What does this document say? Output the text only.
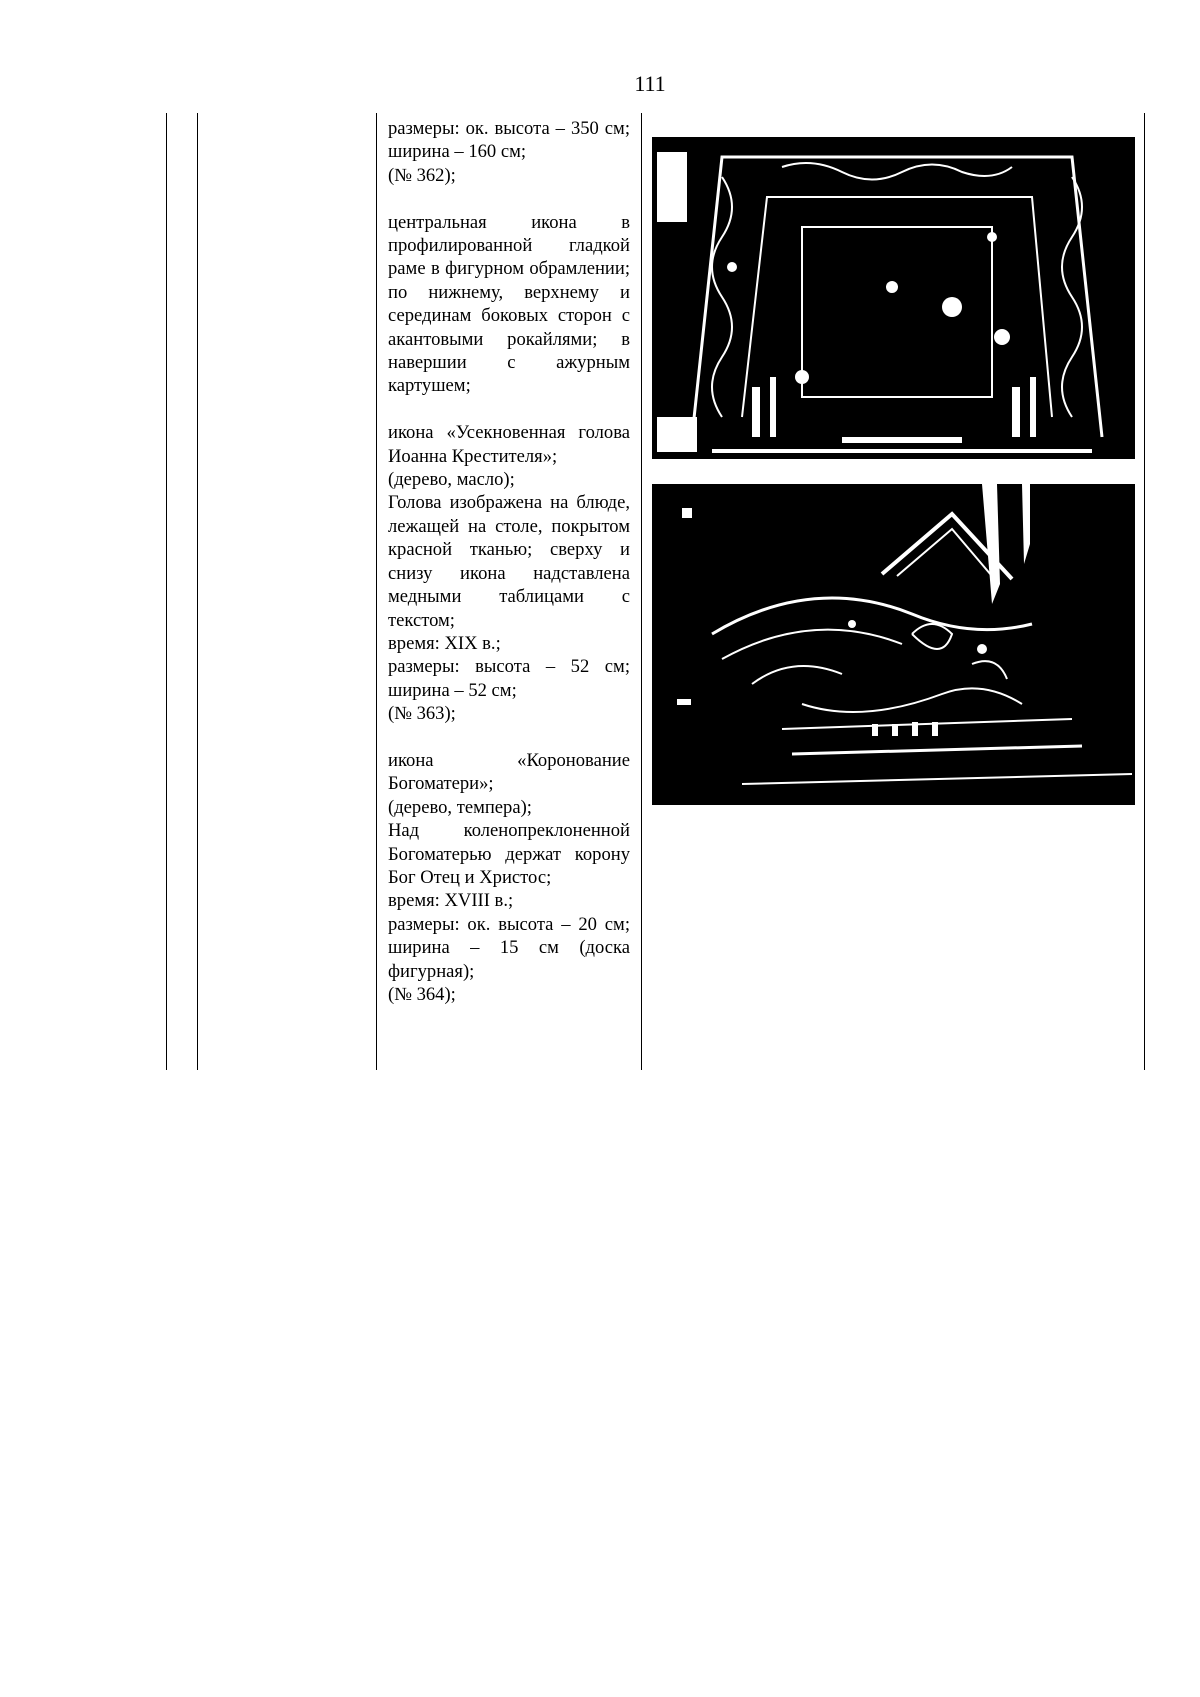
111

размеры: ок. высота – 350 см; ширина – 160 см;

(№ 362);

центральная икона в профилированной гладкой раме в фигурном обрамлении; по нижнему, верхнему и серединам боковых сторон с акантовыми рокайлями; в навершии с ажурным картушем;

икона «Усекновенная голова Иоанна Крестителя»;

(дерево, масло);

Голова изображена на блюде, лежащей на столе, покрытом красной тканью; сверху и снизу икона надставлена медными таблицами с текстом;

время: XIX в.;

размеры: высота – 52 см; ширина – 52 см;

(№ 363);

икона «Коронование Богоматери»;

(дерево, темпера);

Над коленопреклоненной Богоматерью держат корону Бог Отец и Христос;

время: XVIII в.;

размеры: ок. высота – 20 см; ширина – 15 см (доска фигурная);

(№ 364);
